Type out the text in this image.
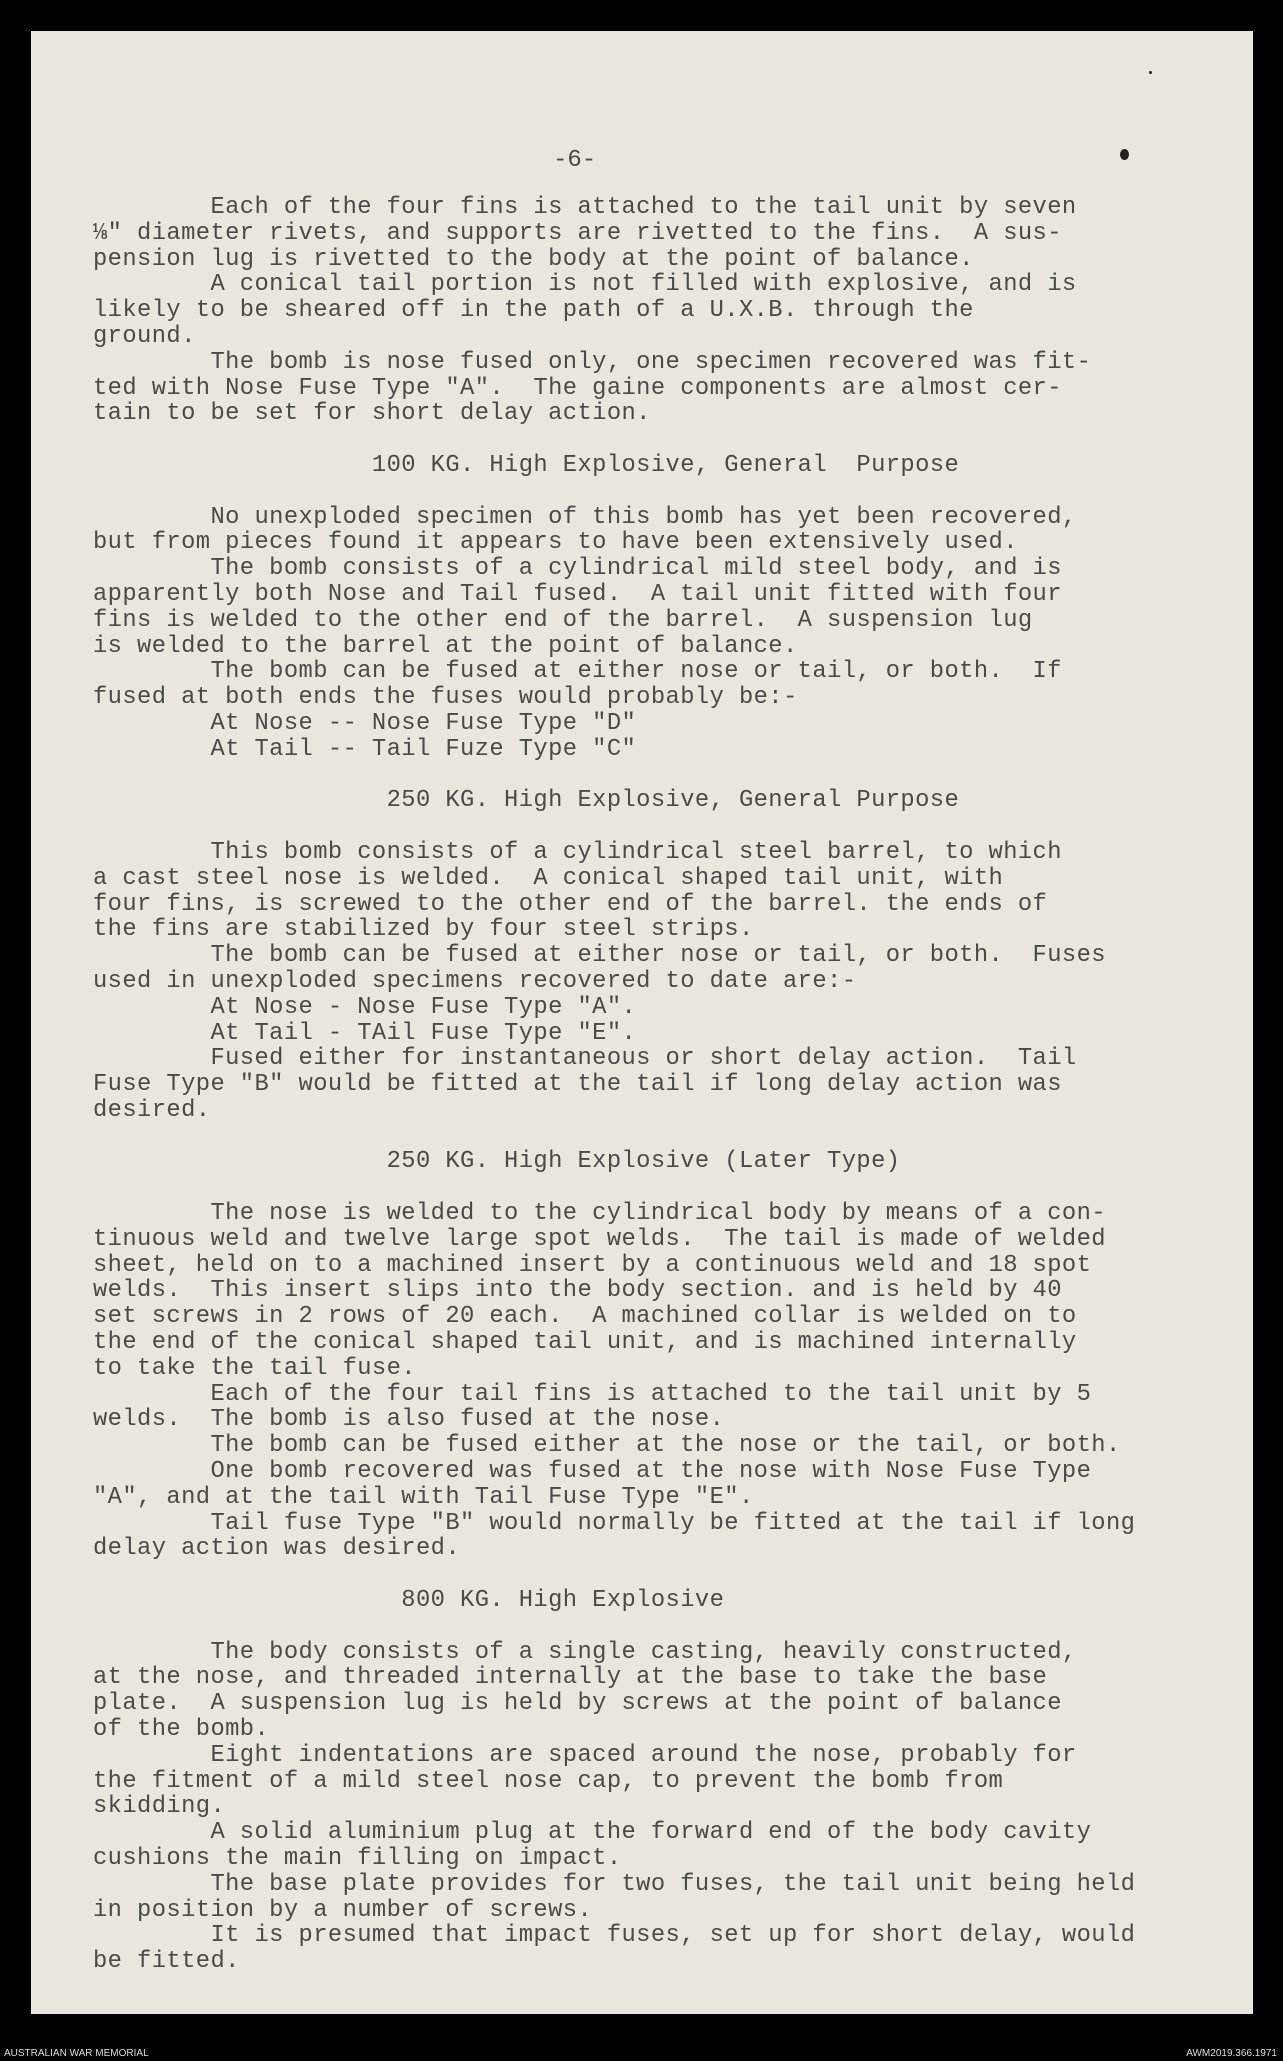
-6-

Each of the four fins is attached to the tail unit by seven
⅛" diameter rivets, and supports are rivetted to the fins.  A sus-
pension lug is rivetted to the body at the point of balance.

A conical tail portion is not filled with explosive, and is
likely to be sheared off in the path of a U.X.B. through the
ground.

The bomb is nose fused only, one specimen recovered was fit-
ted with Nose Fuse Type "A".  The gaine components are almost cer-
tain to be set for short delay action.

100 KG. High Explosive, General  Purpose

No unexploded specimen of this bomb has yet been recovered,
but from pieces found it appears to have been extensively used.

The bomb consists of a cylindrical mild steel body, and is
apparently both Nose and Tail fused.  A tail unit fitted with four
fins is welded to the other end of the barrel.  A suspension lug
is welded to the barrel at the point of balance.

The bomb can be fused at either nose or tail, or both.  If
fused at both ends the fuses would probably be:-
At Nose -- Nose Fuse Type "D"
At Tail -- Tail Fuze Type "C"

250 KG. High Explosive, General Purpose

This bomb consists of a cylindrical steel barrel, to which
a cast steel nose is welded.  A conical shaped tail unit, with
four fins, is screwed to the other end of the barrel. the ends of
the fins are stabilized by four steel strips.

The bomb can be fused at either nose or tail, or both.  Fuses
used in unexploded specimens recovered to date are:-
At Nose - Nose Fuse Type "A".
At Tail - TAil Fuse Type "E".

Fused either for instantaneous or short delay action.  Tail
Fuse Type "B" would be fitted at the tail if long delay action was
desired.

250 KG. High Explosive (Later Type)

The nose is welded to the cylindrical body by means of a con-
tinuous weld and twelve large spot welds.  The tail is made of welded
sheet, held on to a machined insert by a continuous weld and 18 spot
welds.  This insert slips into the body section. and is held by 40
set screws in 2 rows of 20 each.  A machined collar is welded on to
the end of the conical shaped tail unit, and is machined internally
to take the tail fuse.

Each of the four tail fins is attached to the tail unit by 5
welds.  The bomb is also fused at the nose.

The bomb can be fused either at the nose or the tail, or both.

One bomb recovered was fused at the nose with Nose Fuse Type
"A", and at the tail with Tail Fuse Type "E".

Tail fuse Type "B" would normally be fitted at the tail if long
delay action was desired.

800 KG. High Explosive

The body consists of a single casting, heavily constructed,
at the nose, and threaded internally at the base to take the base
plate.  A suspension lug is held by screws at the point of balance
of the bomb.

Eight indentations are spaced around the nose, probably for
the fitment of a mild steel nose cap, to prevent the bomb from
skidding.

A solid aluminium plug at the forward end of the body cavity
cushions the main filling on impact.

The base plate provides for two fuses, the tail unit being held
in position by a number of screws.

It is presumed that impact fuses, set up for short delay, would
be fitted.

AUSTRALIAN WAR MEMORIAL	AWM2019.366.1971
